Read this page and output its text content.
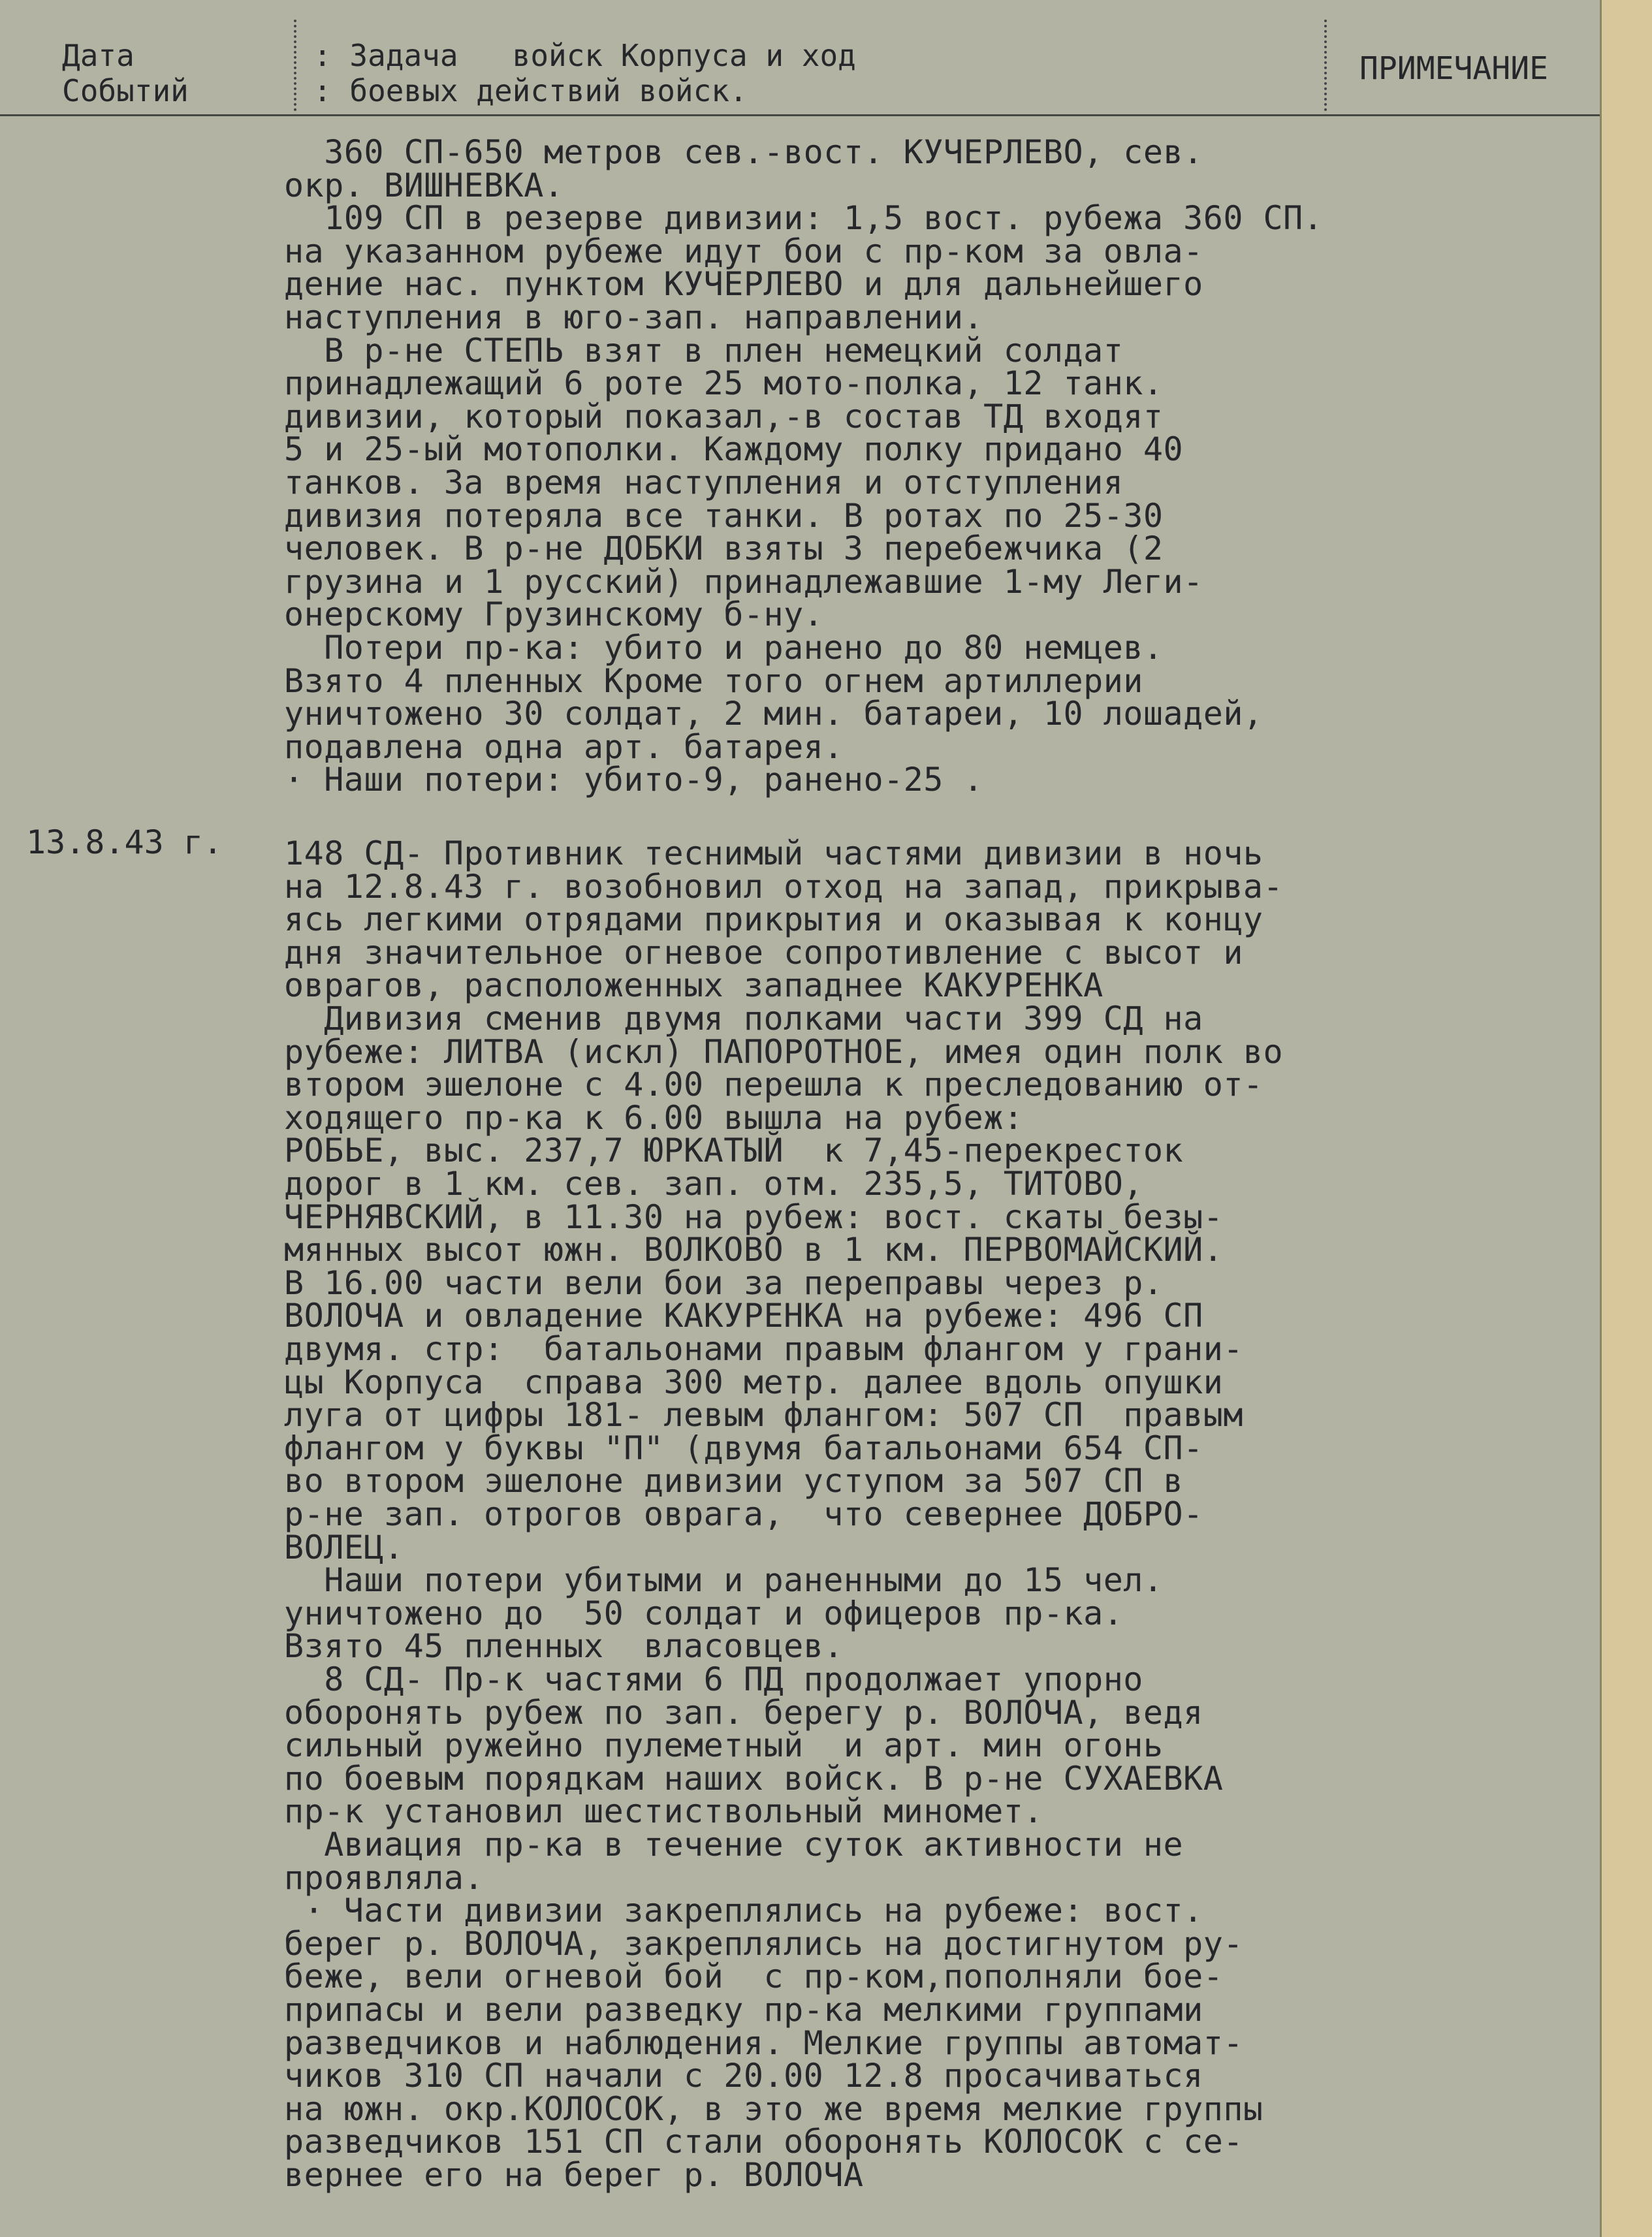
Дата
Событий
: Задача   войск Корпуса и ход
: боевых действий войск.
ПРИМЕЧАНИЕ
13.8.43 г.
360 СП-650 метров сев.-вост. КУЧЕРЛЕВО, сев.
окр. ВИШНЕВКА.
109 СП в резерве дивизии: 1,5 вост. рубежа 360 СП.
на указанном рубеже идут бои с пр-ком за овла-
дение нас. пунктом КУЧЕРЛЕВО и для дальнейшего
наступления в юго-зап. направлении.
В р-не СТЕПЬ взят в плен немецкий солдат
принадлежащий 6 роте 25 мото-полка, 12 танк.
дивизии, который показал,-в состав ТД входят
5 и 25-ый мотополки. Каждому полку придано 40
танков. За время наступления и отступления
дивизия потеряла все танки. В ротах по 25-30
человек. В р-не ДОБКИ взяты 3 перебежчика (2
грузина и 1 русский) принадлежавшие 1-му Леги-
онерскому Грузинскому б-ну.
Потери пр-ка: убито и ранено до 80 немцев.
Взято 4 пленных Кроме того огнем артиллерии
уничтожено 30 солдат, 2 мин. батареи, 10 лошадей,
подавлена одна арт. батарея.
· Наши потери: убито-9, ранено-25 .
148 СД- Противник теснимый частями дивизии в ночь
на 12.8.43 г. возобновил отход на запад, прикрыва-
ясь легкими отрядами прикрытия и оказывая к концу
дня значительное огневое сопротивление с высот и
оврагов, расположенных западнее КАКУРЕНКА
Дивизия сменив двумя полками части 399 СД на
рубеже: ЛИТВА (искл) ПАПОРОТНОЕ, имея один полк во
втором эшелоне с 4.00 перешла к преследованию от-
ходящего пр-ка к 6.00 вышла на рубеж:
РОБЬЕ, выс. 237,7 ЮРКАТЫЙ  к 7,45-перекресток
дорог в 1 км. сев. зап. отм. 235,5, ТИТОВО,
ЧЕРНЯВСКИЙ, в 11.30 на рубеж: вост. скаты безы-
мянных высот южн. ВОЛКОВО в 1 км. ПЕРВОМАЙСКИЙ.
В 16.00 части вели бои за переправы через р.
ВОЛОЧА и овладение КАКУРЕНКА на рубеже: 496 СП
двумя. стр:  батальонами правым флангом у грани-
цы Корпуса  справа 300 метр. далее вдоль опушки
луга от цифры 181- левым флангом: 507 СП  правым
флангом у буквы "П" (двумя батальонами 654 СП-
во втором эшелоне дивизии уступом за 507 СП в
р-не зап. отрогов оврага,  что севернее ДОБРО-
ВОЛЕЦ.
Наши потери убитыми и раненными до 15 чел.
уничтожено до  50 солдат и офицеров пр-ка.
Взято 45 пленных  власовцев.
8 СД- Пр-к частями 6 ПД продолжает упорно
оборонять рубеж по зап. берегу р. ВОЛОЧА, ведя
сильный ружейно пулеметный  и арт. мин огонь
по боевым порядкам наших войск. В р-не СУХАЕВКА
пр-к установил шестиствольный миномет.
Авиация пр-ка в течение суток активности не
проявляла.
· Части дивизии закреплялись на рубеже: вост.
берег р. ВОЛОЧА, закреплялись на достигнутом ру-
беже, вели огневой бой  с пр-ком,пополняли бое-
припасы и вели разведку пр-ка мелкими группами
разведчиков и наблюдения. Мелкие группы автомат-
чиков 310 СП начали с 20.00 12.8 просачиваться
на южн. окр.КОЛОСОК, в это же время мелкие группы
разведчиков 151 СП стали оборонять КОЛОСОК с се-
вернее его на берег р. ВОЛОЧА
